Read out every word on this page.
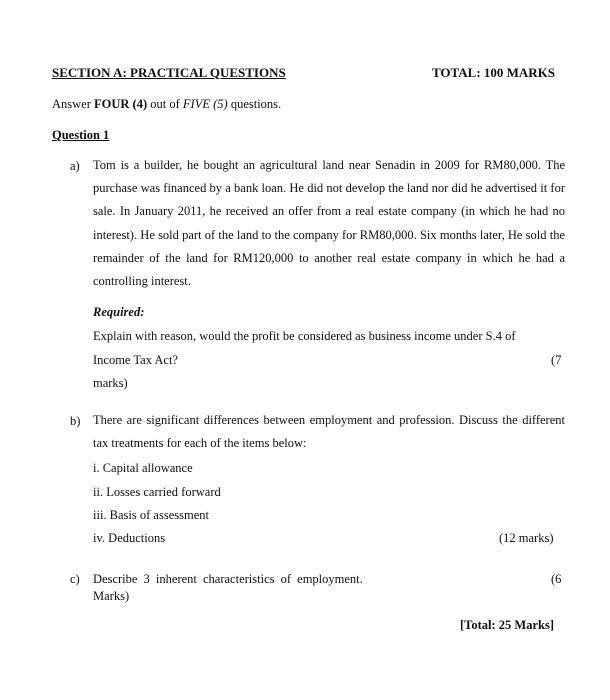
SECTION A: PRACTICAL QUESTIONS	TOTAL: 100 MARKS
Answer FOUR (4) out of FIVE (5) questions.
Question 1
a) Tom is a builder, he bought an agricultural land near Senadin in 2009 for RM80,000. The purchase was financed by a bank loan. He did not develop the land nor did he advertised it for sale. In January 2011, he received an offer from a real estate company (in which he had no interest). He sold part of the land to the company for RM80,000. Six months later, He sold the remainder of the land for RM120,000 to another real estate company in which he had a controlling interest.
Required:
Explain with reason, would the profit be considered as business income under S.4 of
Income Tax Act?	(7
marks)
b) There are significant differences between employment and profession. Discuss the different tax treatments for each of the items below:
i. Capital allowance
ii. Losses carried forward
iii. Basis of assessment
iv. Deductions	(12 marks)
c) Describe 3 inherent characteristics of employment.	(6
Marks)
[Total: 25 Marks]
